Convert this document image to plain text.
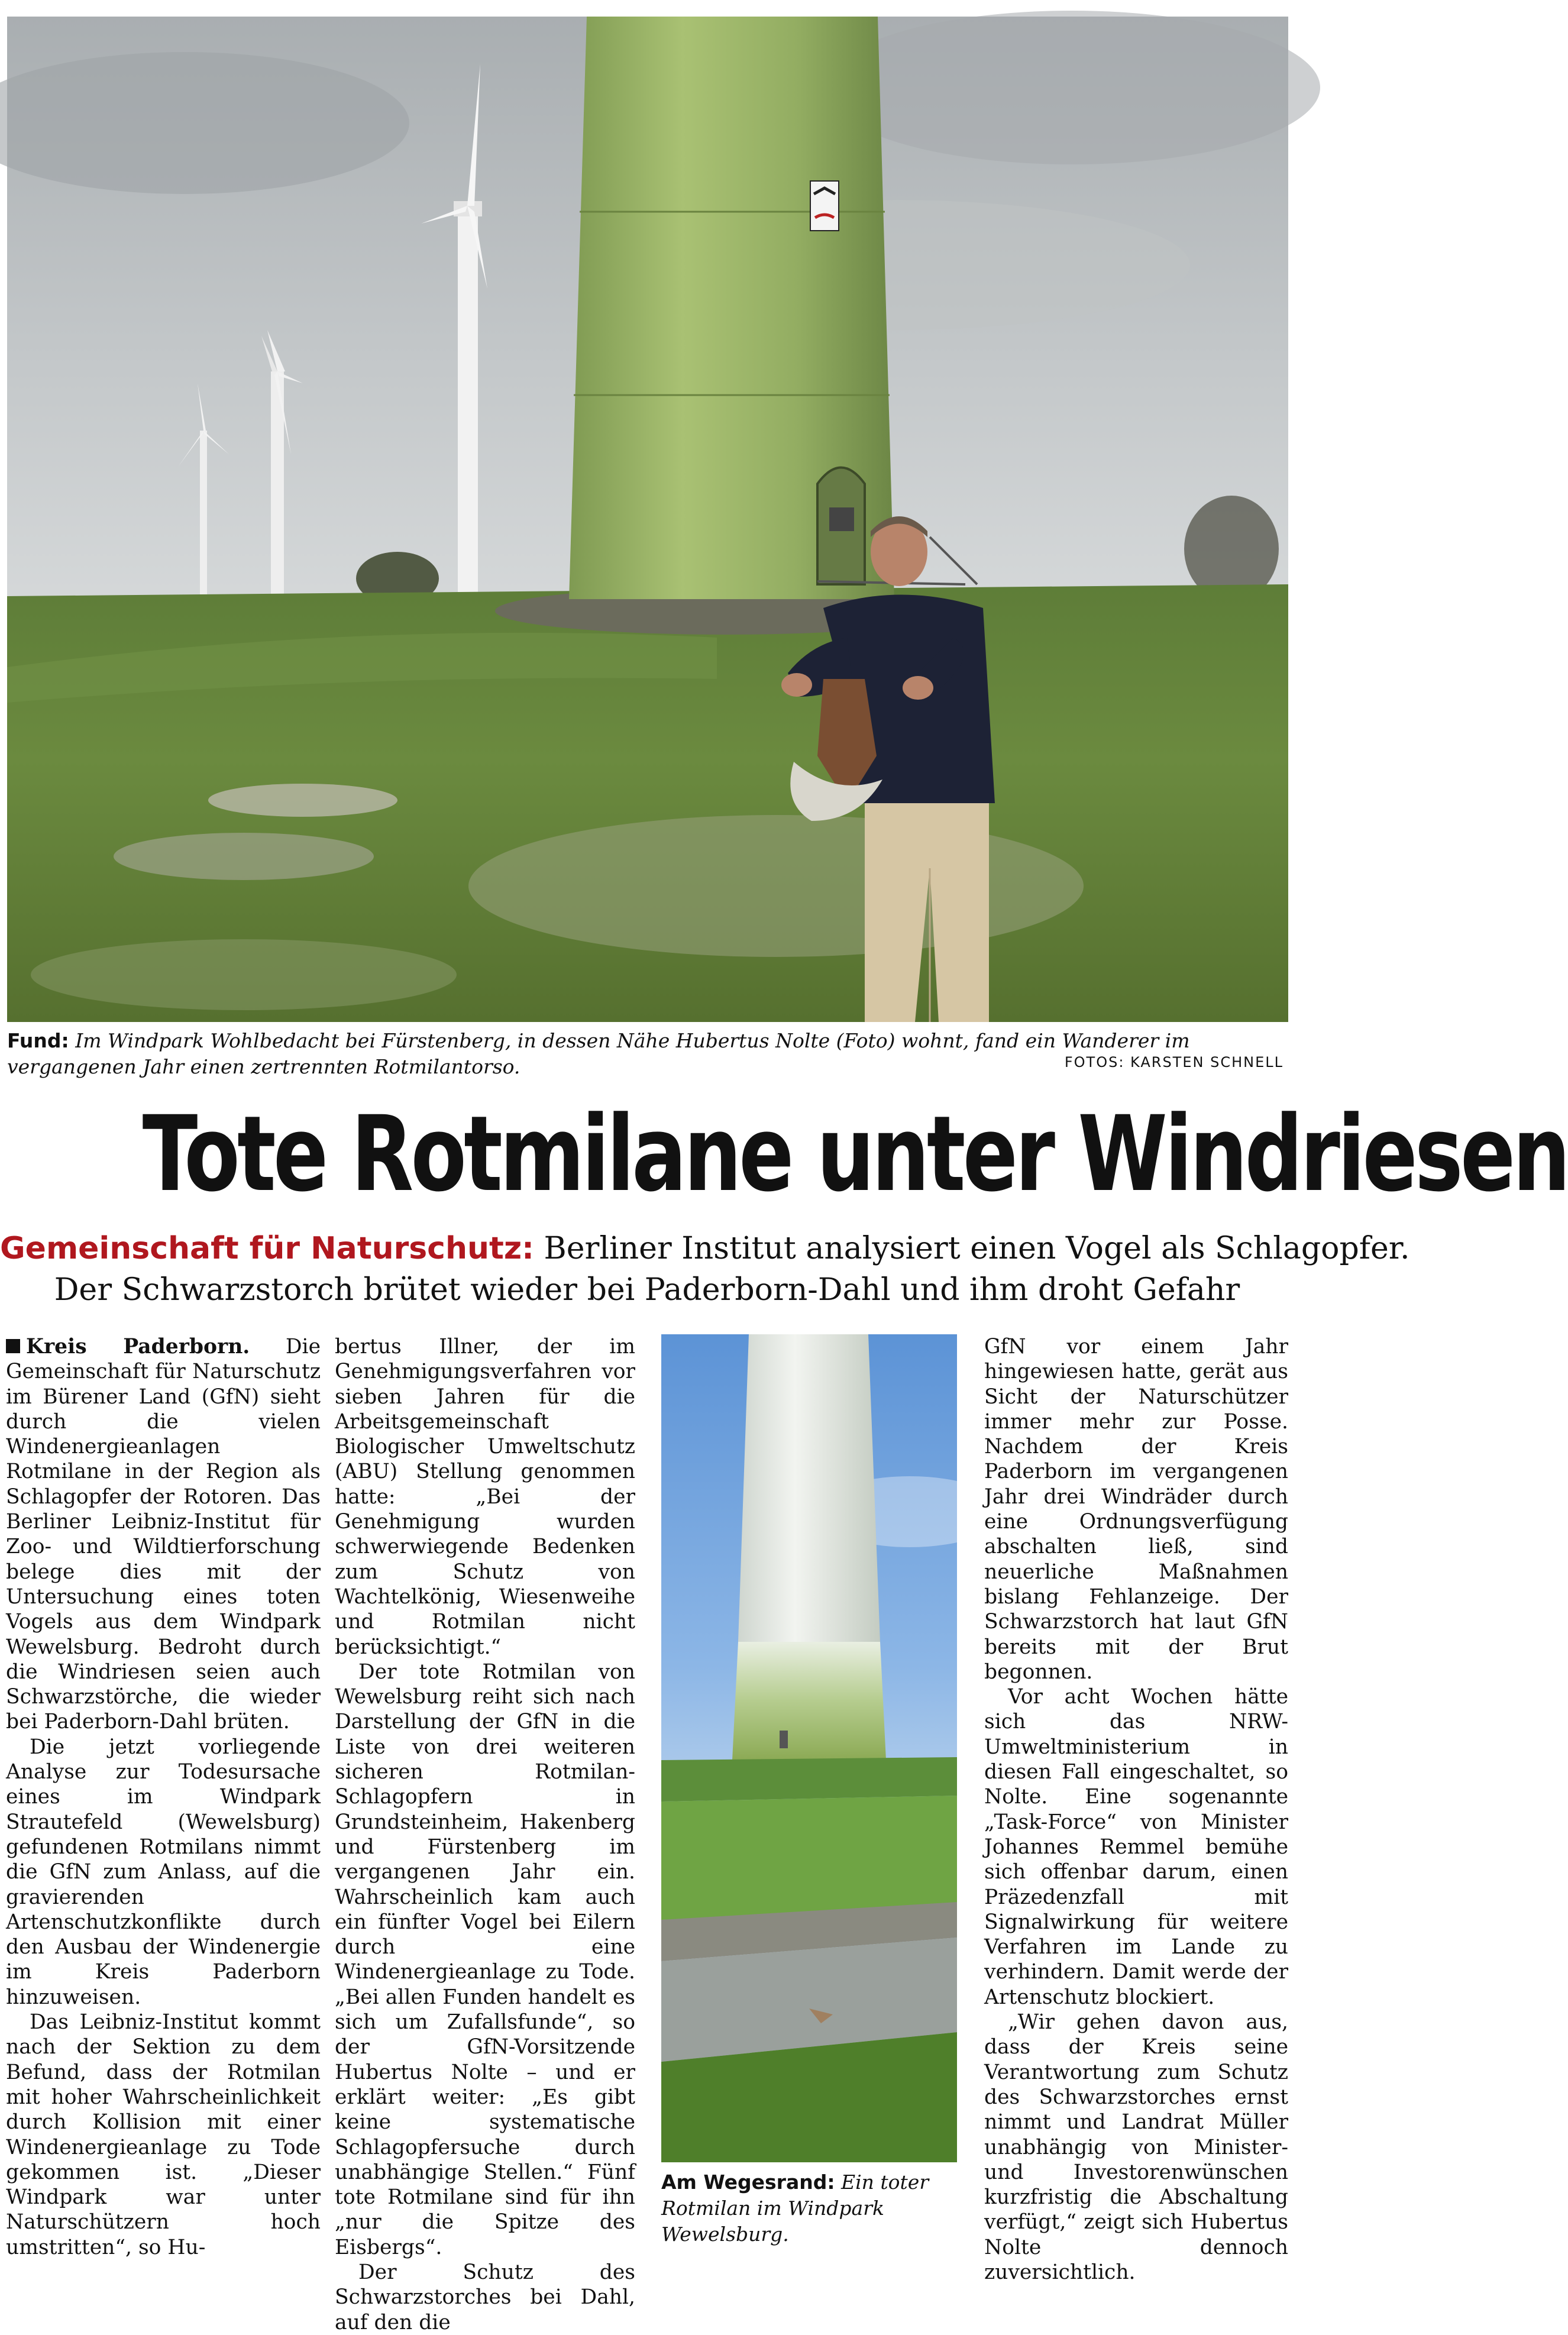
Fund: Im Windpark Wohlbedacht bei Fürstenberg, in dessen Nähe Hubertus Nolte (Foto) wohnt, fand ein Wanderer im vergangenen Jahr einen zertrennten Rotmilantorso.	FOTOS: KARSTEN SCHNELL
Tote Rotmilane unter Windriesen
Gemeinschaft für Naturschutz: Berliner Institut analysiert einen Vogel als Schlagopfer.
Der Schwarzstorch brütet wieder bei Paderborn-Dahl und ihm droht Gefahr

Kreis Paderborn. Die Gemeinschaft für Naturschutz im Bürener Land (GfN) sieht durch die vielen Windenergieanlagen Rotmilane in der Region als Schlagopfer der Rotoren. Das Berliner Leibniz-Institut für Zoo- und Wildtierforschung belege dies mit der Untersuchung eines toten Vogels aus dem Windpark Wewelsburg. Bedroht durch die Windriesen seien auch Schwarzstörche, die wieder bei Paderborn-Dahl brüten.

Die jetzt vorliegende Analyse zur Todesursache eines im Windpark Strautefeld (Wewelsburg) gefundenen Rotmilans nimmt die GfN zum Anlass, auf die gravierenden Artenschutzkonflikte durch den Ausbau der Windenergie im Kreis Paderborn hinzuweisen.

Das Leibniz-Institut kommt nach der Sektion zu dem Befund, dass der Rotmilan mit hoher Wahrscheinlichkeit durch Kollision mit einer Windenergieanlage zu Tode gekommen ist. „Dieser Windpark war unter Naturschützern hoch umstritten“, so Hu-

bertus Illner, der im Genehmigungsverfahren vor sieben Jahren für die Arbeitsgemeinschaft Biologischer Umweltschutz (ABU) Stellung genommen hatte: „Bei der Genehmigung wurden schwerwiegende Bedenken zum Schutz von Wachtelkönig, Wiesenweihe und Rotmilan nicht berücksichtigt.“

Der tote Rotmilan von Wewelsburg reiht sich nach Darstellung der GfN in die Liste von drei weiteren sicheren Rotmilan-Schlagopfern in Grundsteinheim, Hakenberg und Fürstenberg im vergangenen Jahr ein. Wahrscheinlich kam auch ein fünfter Vogel bei Eilern durch eine Windenergieanlage zu Tode. „Bei allen Funden handelt es sich um Zufallsfunde“, so der GfN-Vorsitzende Hubertus Nolte – und er erklärt weiter: „Es gibt keine systematische Schlagopfersuche durch unabhängige Stellen.“ Fünf tote Rotmilane sind für ihn „nur die Spitze des Eisbergs“.

Der Schutz des Schwarzstorches bei Dahl, auf den die

Am Wegesrand: Ein toter Rotmilan im Windpark Wewelsburg.

GfN vor einem Jahr hingewiesen hatte, gerät aus Sicht der Naturschützer immer mehr zur Posse. Nachdem der Kreis Paderborn im vergangenen Jahr drei Windräder durch eine Ordnungsverfügung abschalten ließ, sind neuerliche Maßnahmen bislang Fehlanzeige. Der Schwarzstorch hat laut GfN bereits mit der Brut begonnen.

Vor acht Wochen hätte sich das NRW-Umweltministerium in diesen Fall eingeschaltet, so Nolte. Eine sogenannte „Task-Force“ von Minister Johannes Remmel bemühe sich offenbar darum, einen Präzedenzfall mit Signalwirkung für weitere Verfahren im Lande zu verhindern. Damit werde der Artenschutz blockiert.

„Wir gehen davon aus, dass der Kreis seine Verantwortung zum Schutz des Schwarzstorches ernst nimmt und Landrat Müller unabhängig von Minister- und Investorenwünschen kurzfristig die Abschaltung verfügt,“ zeigt sich Hubertus Nolte dennoch zuversichtlich.
